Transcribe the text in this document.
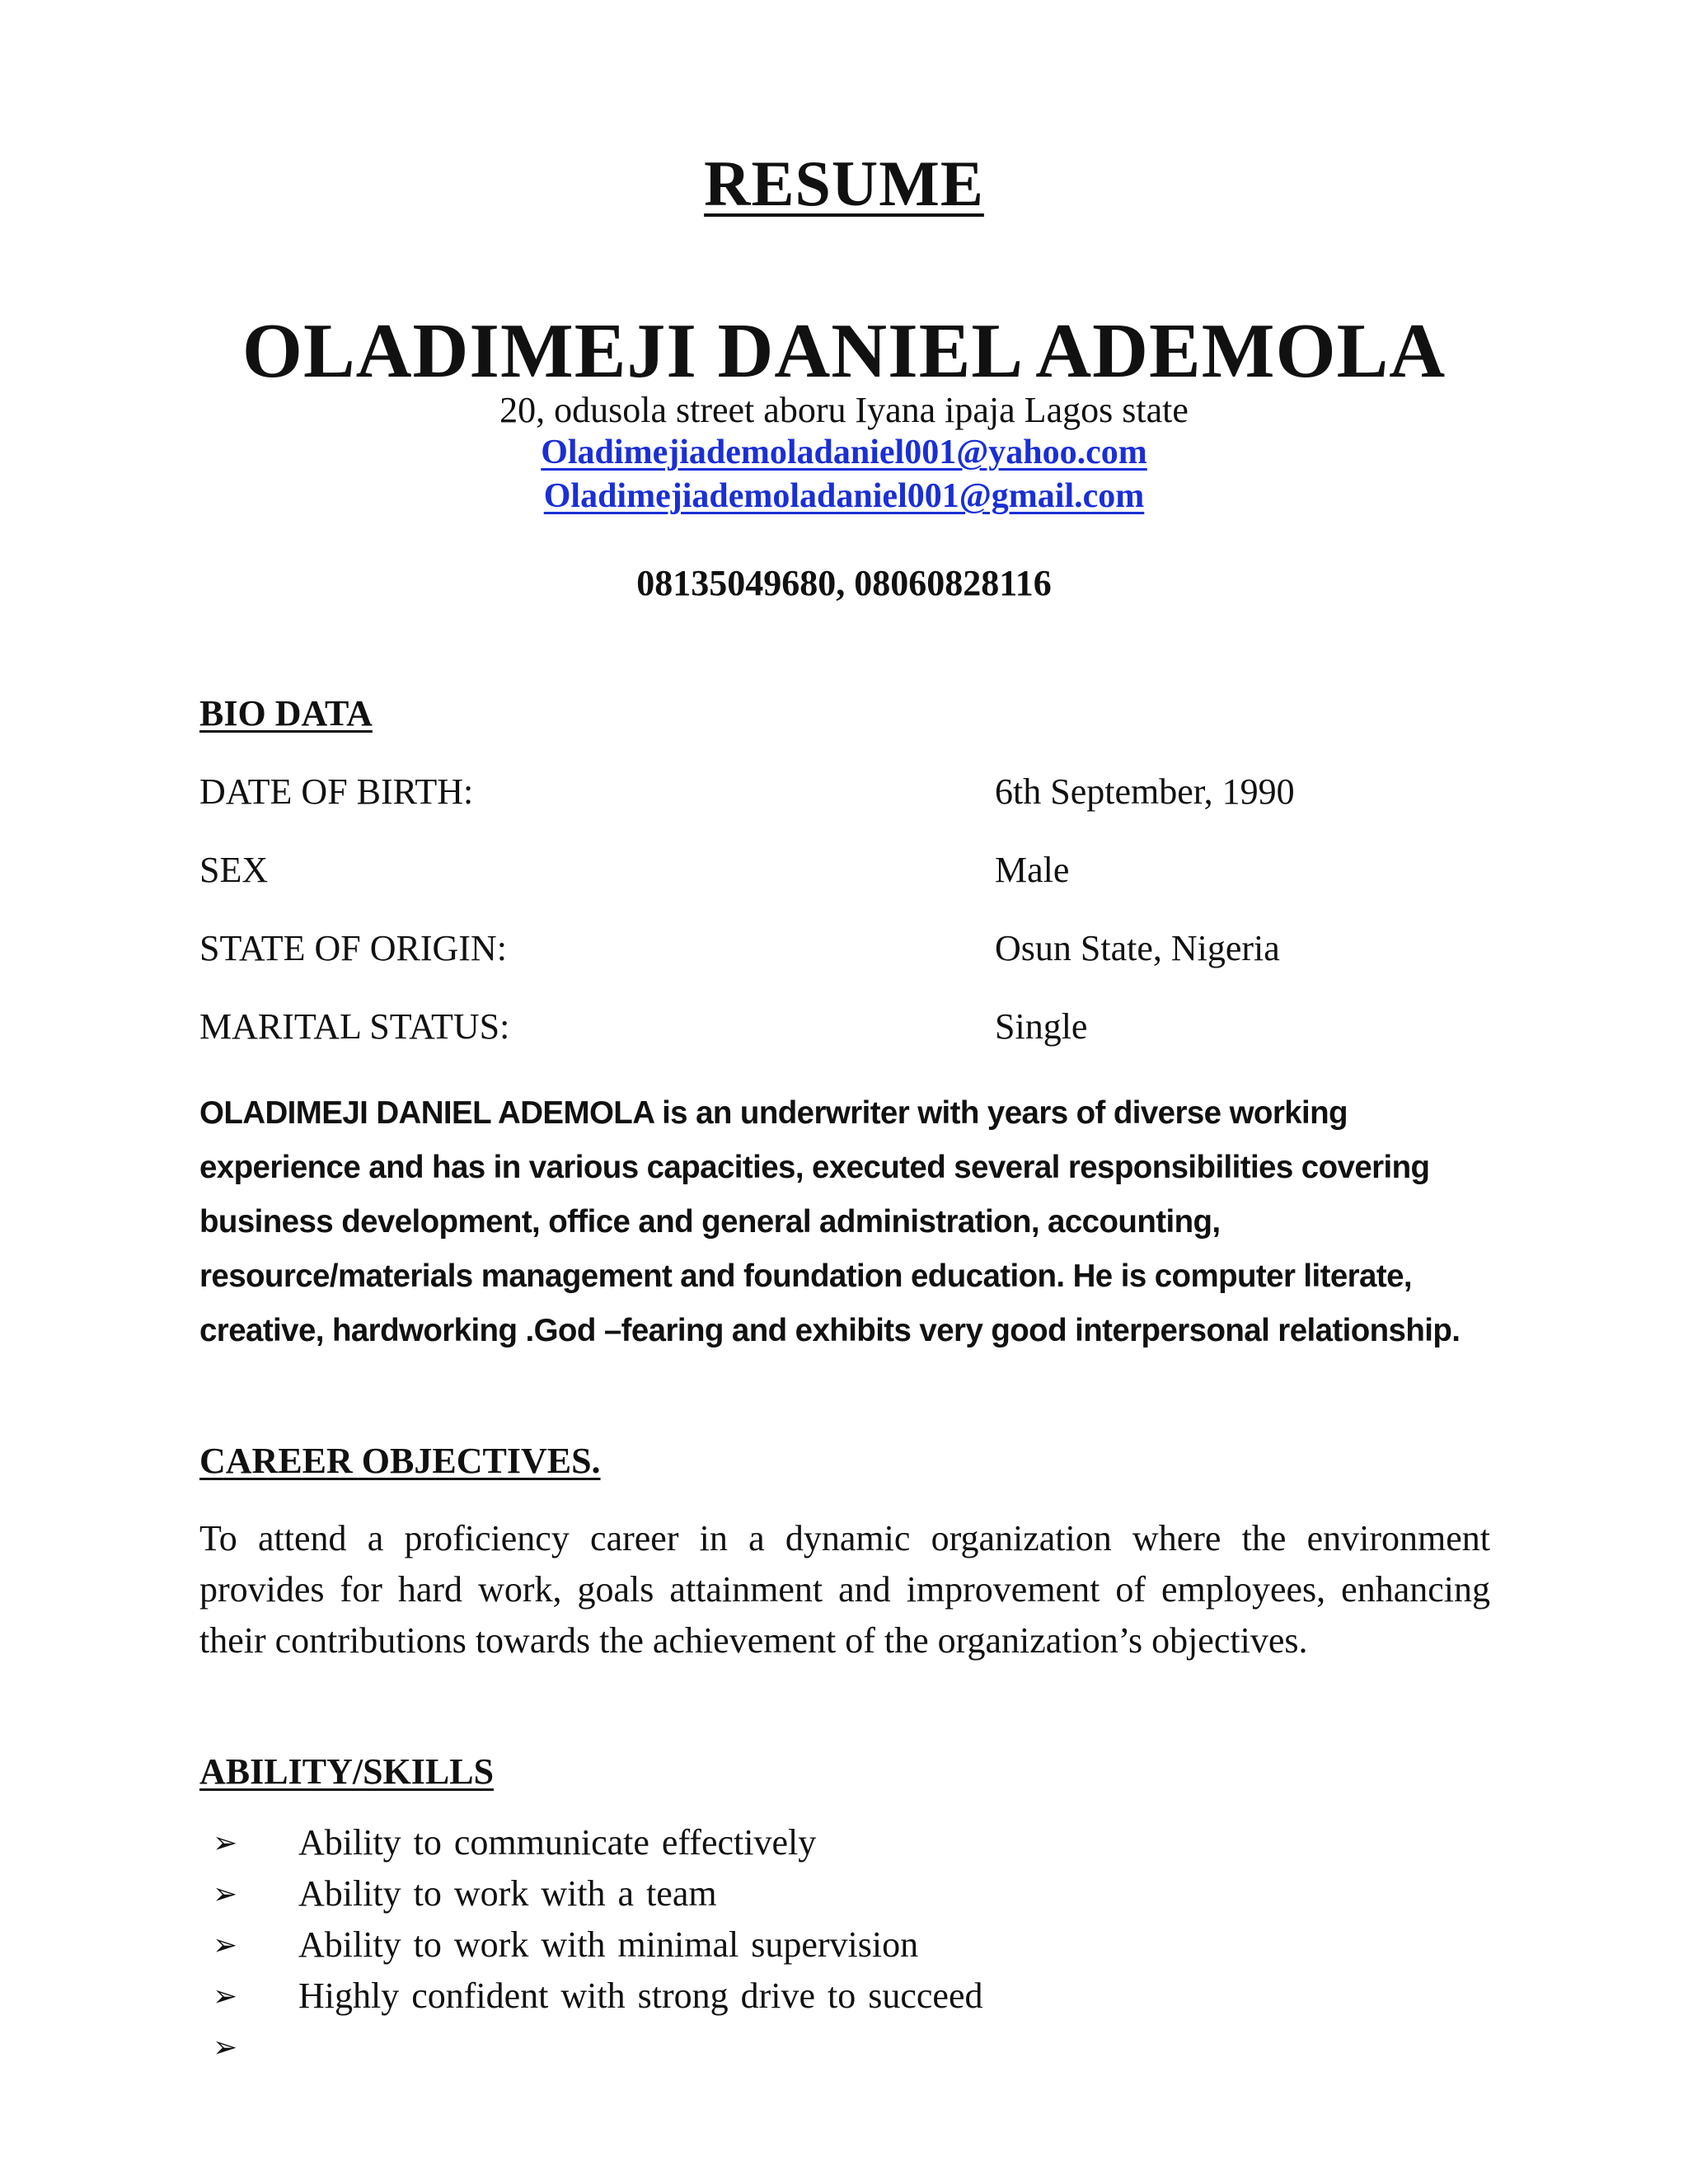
RESUME
OLADIMEJI DANIEL ADEMOLA
20, odusola street aboru Iyana ipaja Lagos state
Oladimejiademoladaniel001@yahoo.com
Oladimejiademoladaniel001@gmail.com
08135049680, 08060828116
BIO DATA
DATE OF BIRTH:	6th September, 1990
SEX	Male
STATE OF ORIGIN:	Osun State, Nigeria
MARITAL STATUS:	Single
OLADIMEJI DANIEL ADEMOLA is an underwriter with years of diverse working experience and has in various capacities, executed several responsibilities covering business development, office and general administration, accounting, resource/materials management and foundation education. He is computer literate, creative, hardworking .God –fearing and exhibits very good interpersonal relationship.
CAREER OBJECTIVES.
To attend a proficiency career in a dynamic organization where the environment provides for hard work, goals attainment and improvement of employees, enhancing their contributions towards the achievement of the organization’s objectives.
ABILITY/SKILLS
➢ Ability to communicate effectively
➢ Ability to work with a team
➢ Ability to work with minimal supervision
➢ Highly confident with strong drive to succeed
➢
